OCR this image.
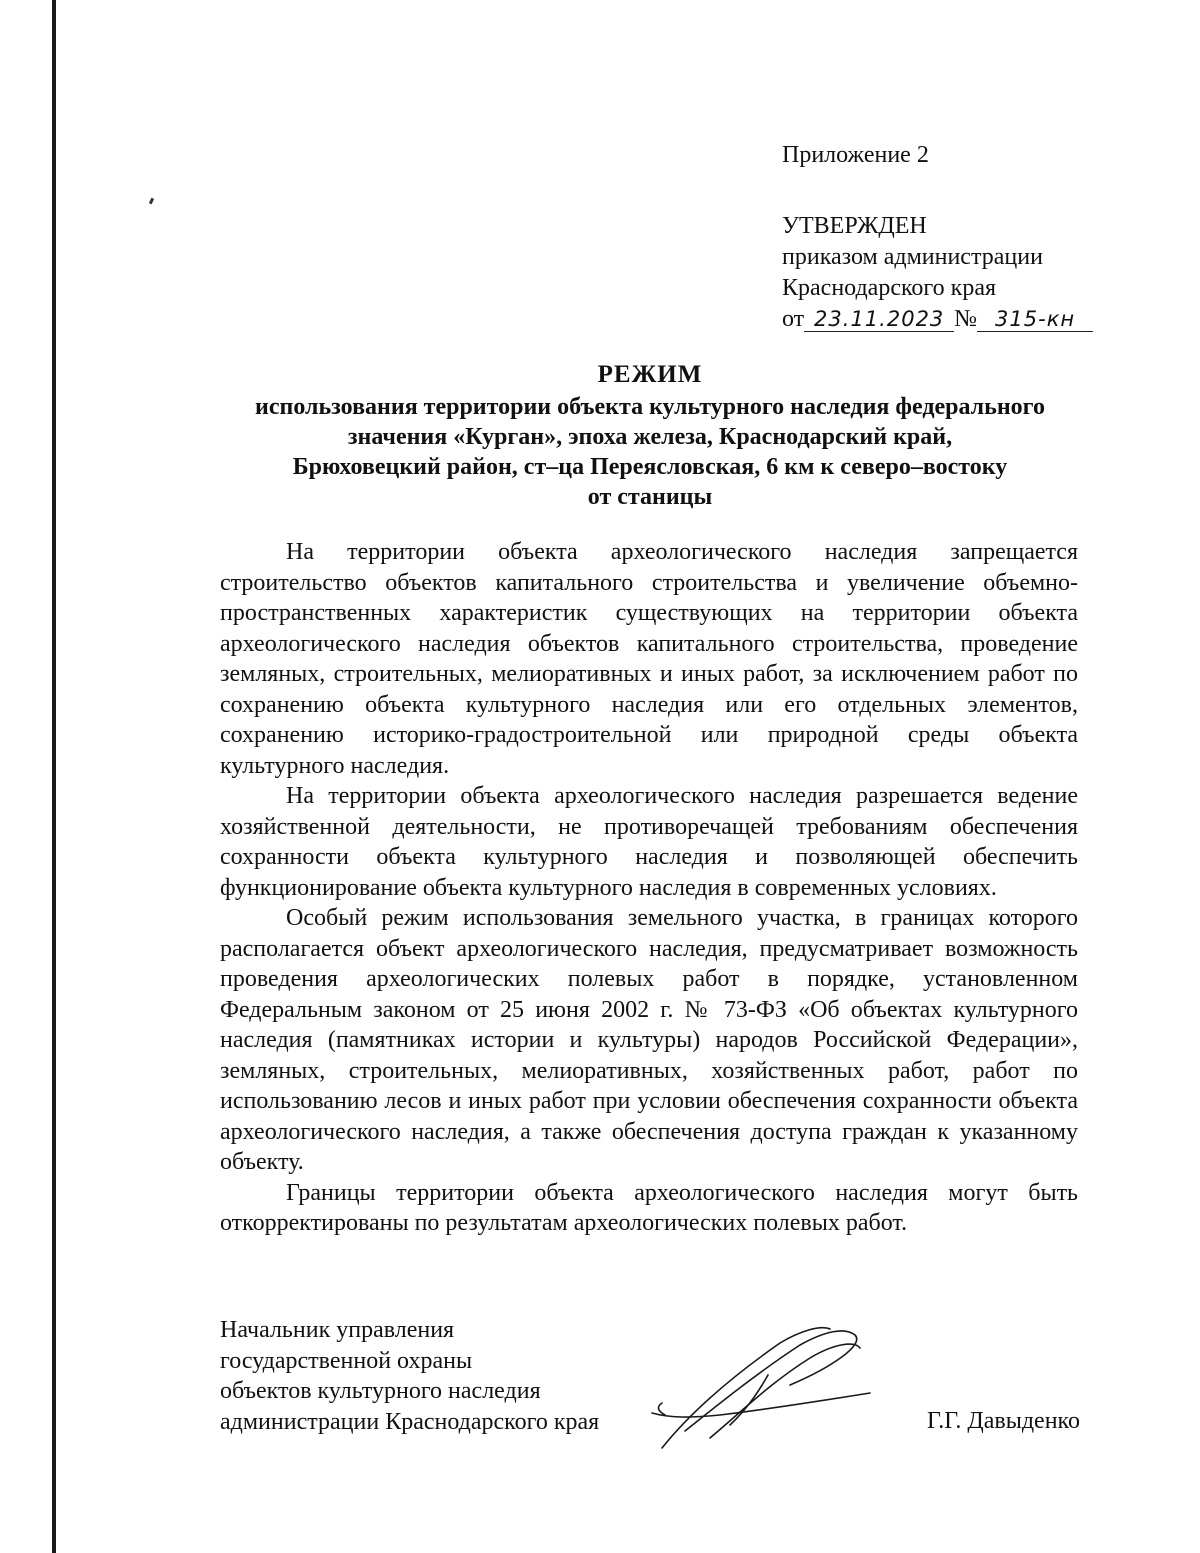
Приложение 2
УТВЕРЖДЕН
приказом администрации
Краснодарского края
от 23.11.2023 № 315-кн
РЕЖИМ
использования территории объекта культурного наследия федерального
значения «Курган», эпоха железа, Краснодарский край,
Брюховецкий район, ст–ца Переясловская, 6 км к северо–востоку
от станицы

На территории объекта археологического наследия запрещается строительство объектов капитального строительства и увеличение объемно-пространственных характеристик существующих на территории объекта археологического наследия объектов капитального строительства, проведение земляных, строительных, мелиоративных и иных работ, за исключением работ по сохранению объекта культурного наследия или его отдельных элементов, сохранению историко-градостроительной или природной среды объекта культурного наследия.

На территории объекта археологического наследия разрешается ведение хозяйственной деятельности, не противоречащей требованиям обеспечения сохранности объекта культурного наследия и позволяющей обеспечить функционирование объекта культурного наследия в современных условиях.

Особый режим использования земельного участка, в границах которого располагается объект археологического наследия, предусматривает возможность проведения археологических полевых работ в порядке, установленном Федеральным законом от 25 июня 2002 г. № 73-ФЗ «Об объектах культурного наследия (памятниках истории и культуры) народов Российской Федерации», земляных, строительных, мелиоративных, хозяйственных работ, работ по использованию лесов и иных работ при условии обеспечения сохранности объекта археологического наследия, а также обеспечения доступа граждан к указанному объекту.

Границы территории объекта археологического наследия могут быть откорректированы по результатам археологических полевых работ.

Начальник управления
государственной охраны
объектов культурного наследия
администрации Краснодарского края	Г.Г. Давыденко
